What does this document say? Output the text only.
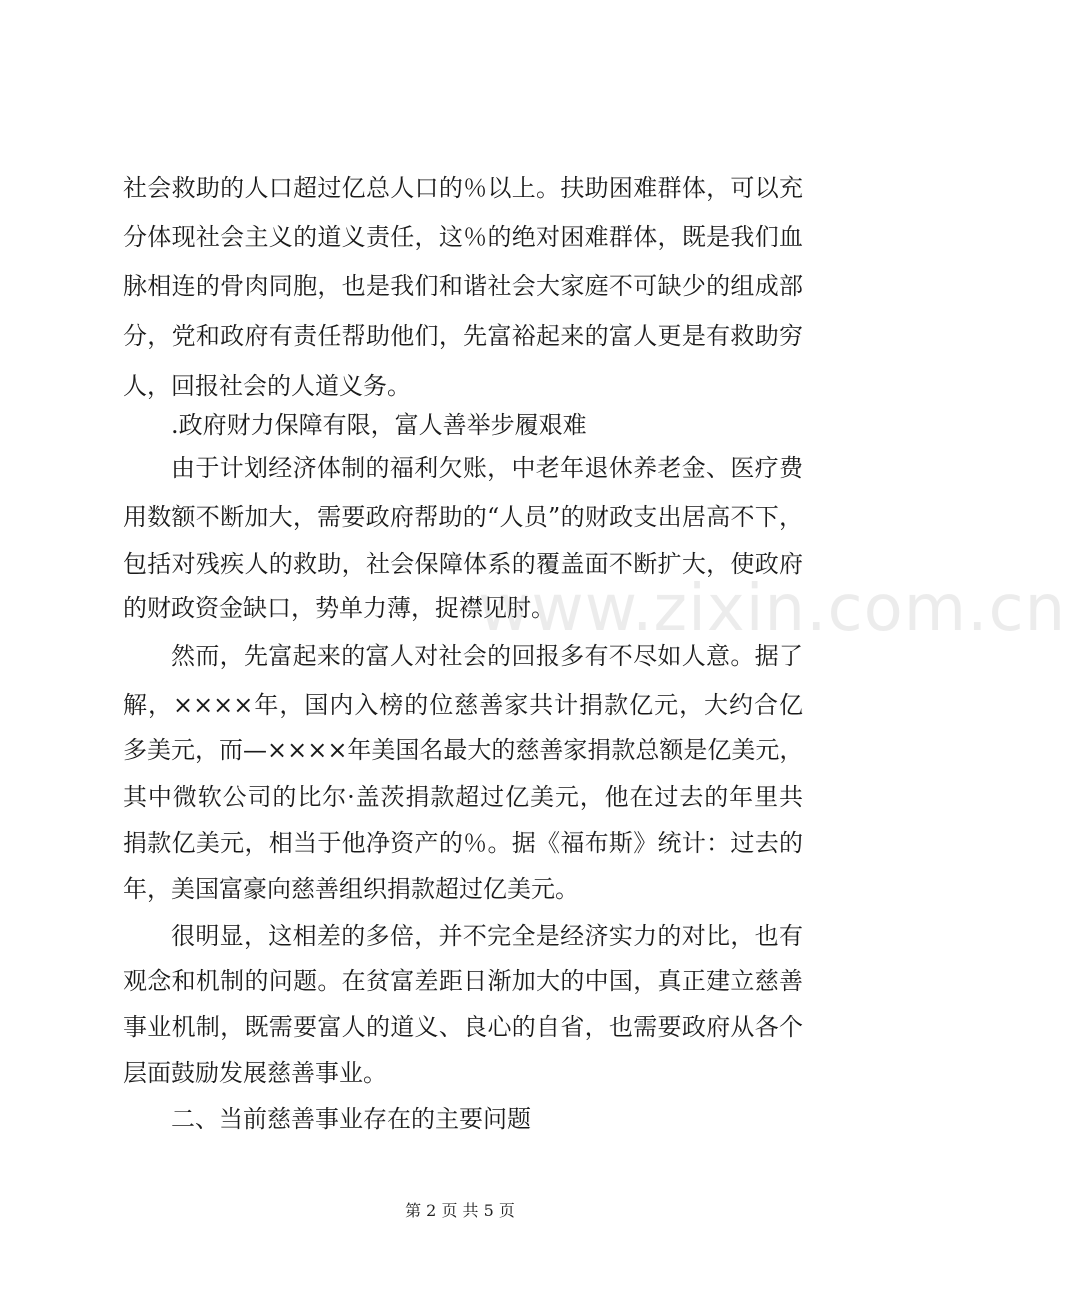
www.zixin.com.cn
社会救助的人口超过亿总人口的％以上。扶助困难群体，可以充
分体现社会主义的道义责任，这％的绝对困难群体，既是我们血
脉相连的骨肉同胞，也是我们和谐社会大家庭不可缺少的组成部
分，党和政府有责任帮助他们，先富裕起来的富人更是有救助穷
人，回报社会的人道义务。
.政府财力保障有限，富人善举步履艰难
由于计划经济体制的福利欠账，中老年退休养老金、医疗费
用数额不断加大，需要政府帮助的“人员”的财政支出居高不下，
包括对残疾人的救助，社会保障体系的覆盖面不断扩大，使政府
的财政资金缺口，势单力薄，捉襟见肘。
然而，先富起来的富人对社会的回报多有不尽如人意。据了
解，××××年，国内入榜的位慈善家共计捐款亿元，大约合亿
多美元，而—××××年美国名最大的慈善家捐款总额是亿美元，
其中微软公司的比尔·盖茨捐款超过亿美元，他在过去的年里共
捐款亿美元，相当于他净资产的％。据《福布斯》统计：过去的
年，美国富豪向慈善组织捐款超过亿美元。
很明显，这相差的多倍，并不完全是经济实力的对比，也有
观念和机制的问题。在贫富差距日渐加大的中国，真正建立慈善
事业机制，既需要富人的道义、良心的自省，也需要政府从各个
层面鼓励发展慈善事业。
二、当前慈善事业存在的主要问题
第 2 页 共 5 页
